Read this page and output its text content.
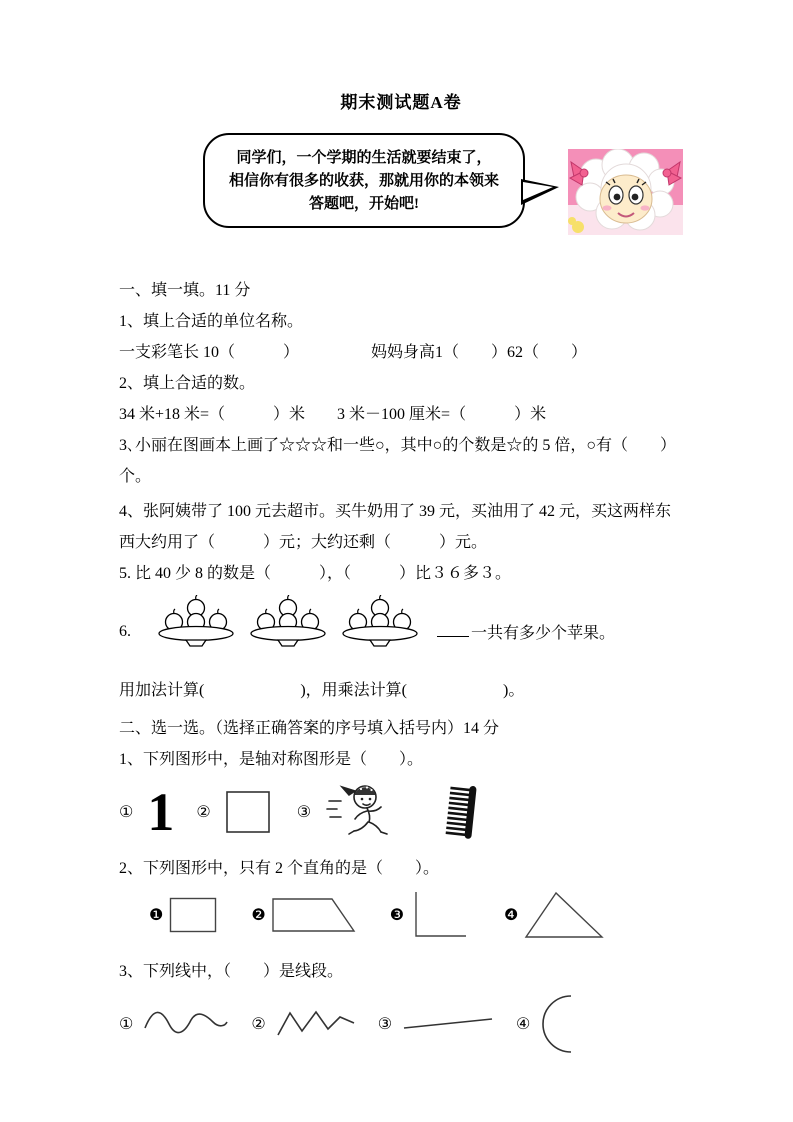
期末测试题A卷
同学们，一个学期的生活就要结束了，
相信你有很多的收获，那就用你的本领来
答题吧，开始吧!

一、填一填。11 分

1、填上合适的单位名称。

一支彩笔长 10（　　　）　　　　　妈妈身高1（　　）62（　　）

2、填上合适的数。

34 米+18 米=（　　　）米　　3 米－100 厘米=（　　　）米

3､小丽在图画本上画了☆☆☆和一些○，其中○的个数是☆的 5 倍，○有（　　）

个。

4、张阿姨带了 100 元去超市。买牛奶用了 39 元，买油用了 42 元，买这两样东

西大约用了（　　　）元；大约还剩（　　　）元。

5. 比 40 少 8 的数是（　　　），（　　　）比３６多３。

6.	一共有多少个苹果。

用加法计算(　　　　　　)，用乘法计算(　　　　　　)。

二、选一选。（选择正确答案的序号填入括号内）14 分

1、下列图形中，是轴对称图形是（　　）。

① 1 ②	③

2、下列图形中，只有 2 个直角的是（　　）。

❶	❷	❸	❹

3、下列线中，（　　）是线段。

①	②	③	④
